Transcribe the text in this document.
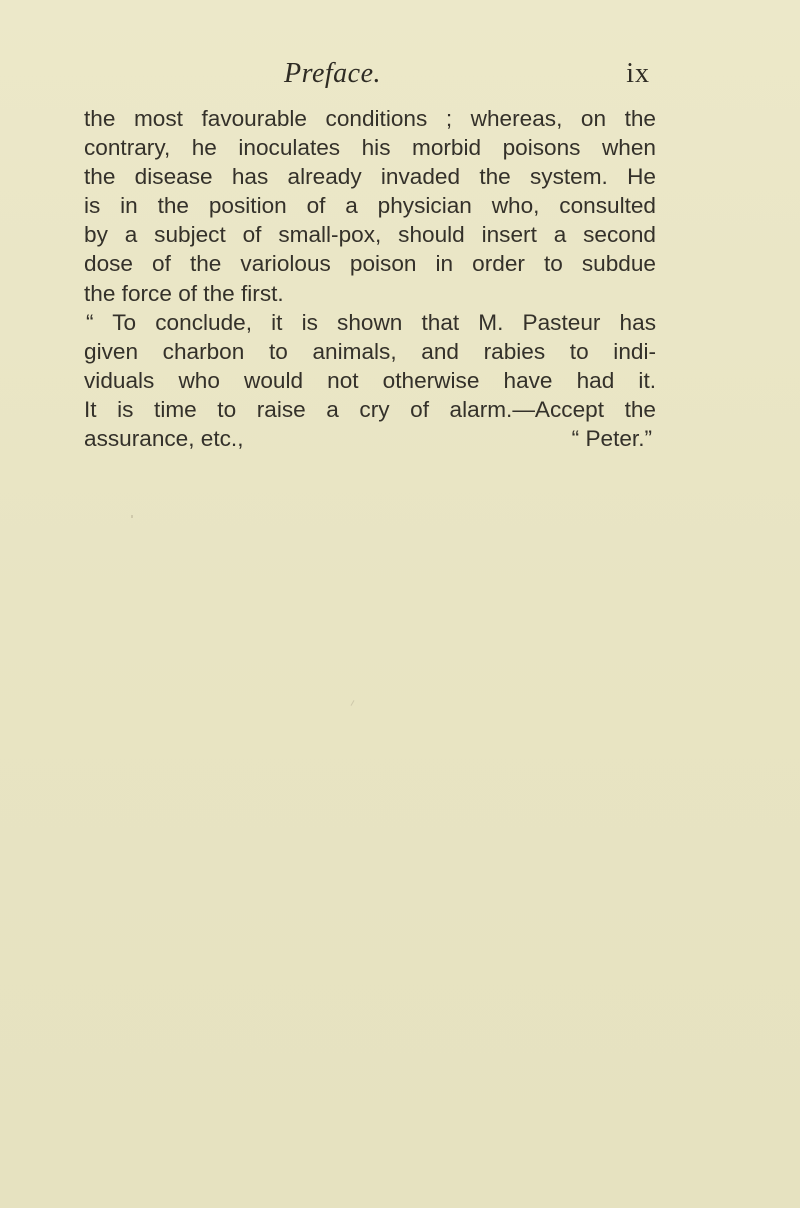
Preface.	ix
the most favourable conditions ; whereas, on the
contrary, he inoculates his morbid poisons when
the disease has already invaded the system. He
is in the position of a physician who, consulted
by a subject of small-pox, should insert a second
dose of the variolous poison in order to subdue
the force of the first.
“ To conclude, it is shown that M. Pasteur has
given charbon to animals, and rabies to indi-
viduals who would not otherwise have had it.
It is time to raise a cry of alarm.—Accept the
assurance, etc.,	“ Peter.”
